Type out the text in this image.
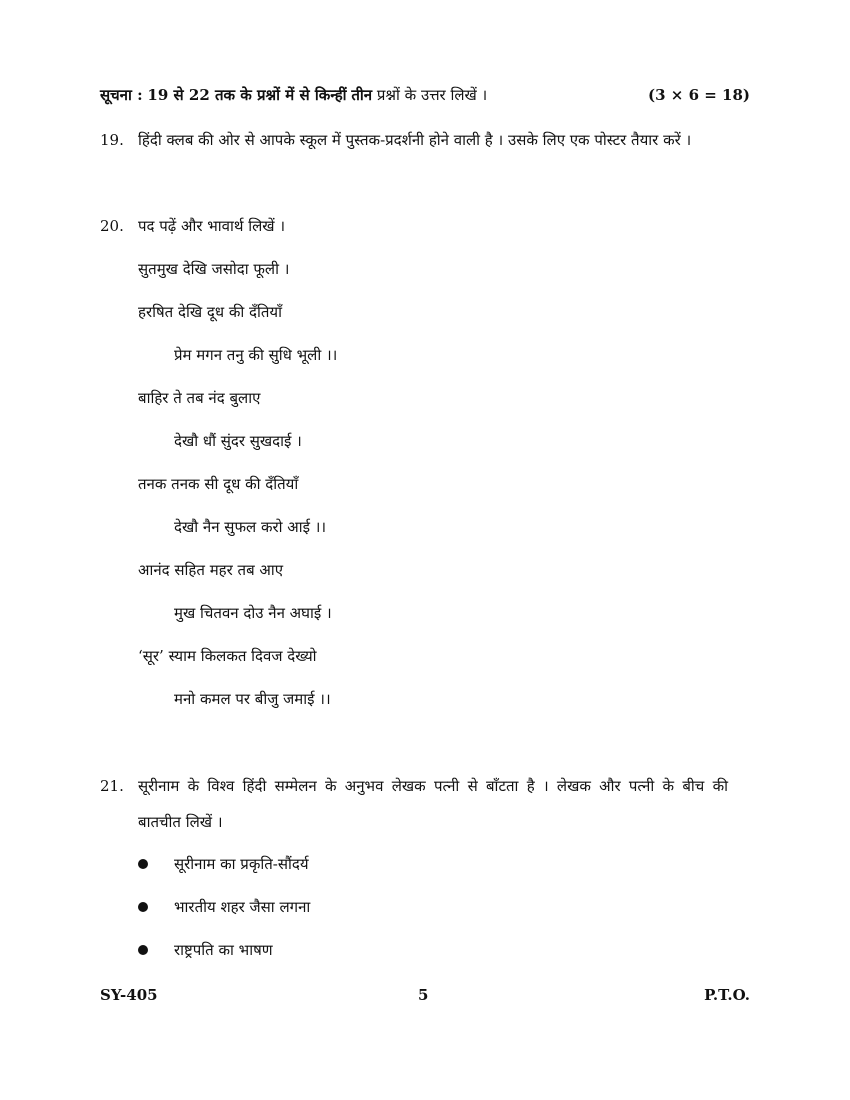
सूचना : 19 से 22 तक के प्रश्नों में से किन्हीं तीन प्रश्नों के उत्तर लिखें ।	(3 × 6 = 18)
19. हिंदी क्लब की ओर से आपके स्कूल में पुस्तक-प्रदर्शनी होने वाली है । उसके लिए एक पोस्टर तैयार करें ।
20. पद पढ़ें और भावार्थ लिखें ।
सुतमुख देखि जसोदा फूली ।
हरषित देखि दूध की दँतियाँ
प्रेम मगन तनु की सुधि भूली ।।
बाहिर ते तब नंद बुलाए
देखौ धौं सुंदर सुखदाई ।
तनक तनक सी दूध की दँतियाँ
देखौ नैन सुफल करो आई ।।
आनंद सहित महर तब आए
मुख चितवन दोउ नैन अघाई ।
‘सूर’ स्याम किलकत दिवज देख्यो
मनो कमल पर बीजु जमाई ।।
21. सूरीनाम के विश्व हिंदी सम्मेलन के अनुभव लेखक पत्नी से बाँटता है । लेखक और पत्नी के बीच की
बातचीत लिखें ।
सूरीनाम का प्रकृति-सौंदर्य
भारतीय शहर जैसा लगना
राष्ट्रपति का भाषण
SY-405	5	P.T.O.
